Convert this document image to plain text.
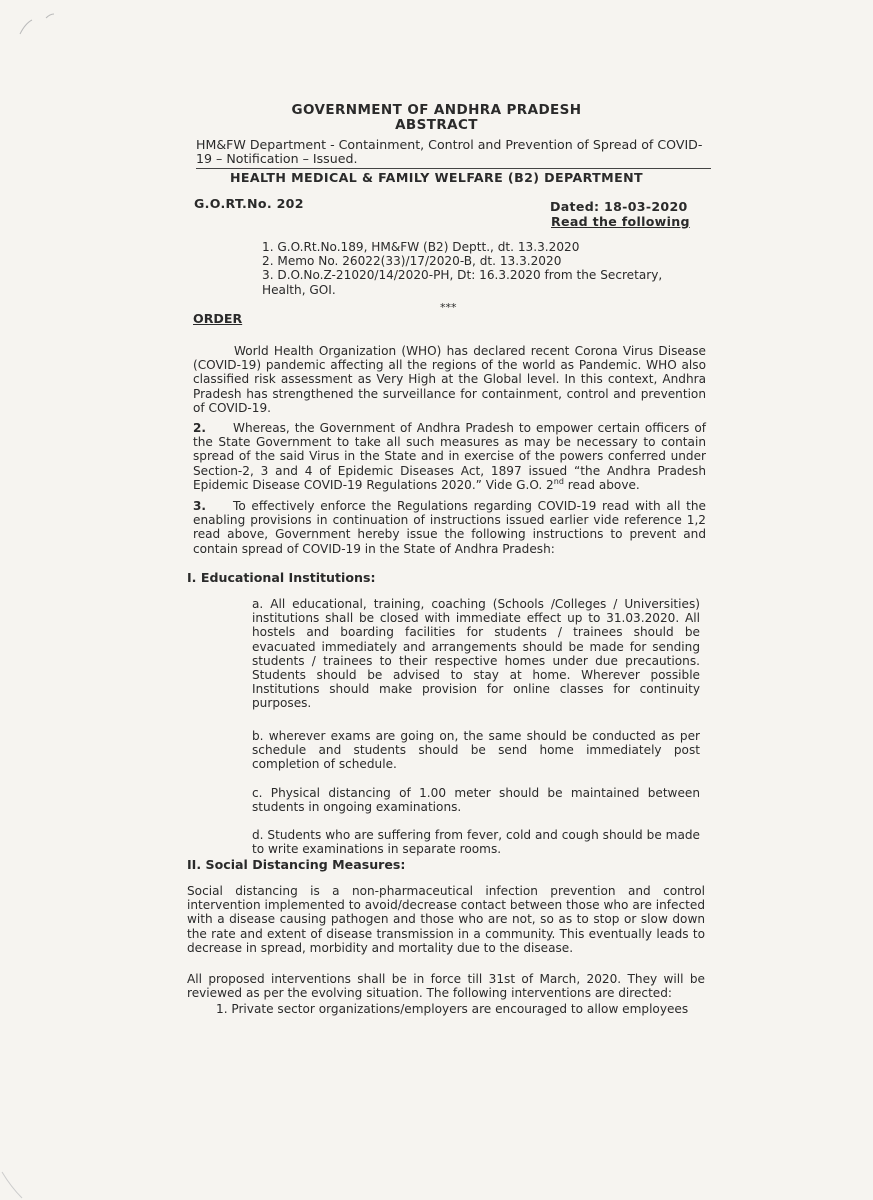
GOVERNMENT OF ANDHRA PRADESH

ABSTRACT

HM&FW Department - Containment, Control and Prevention of Spread of COVID-19 – Notification – Issued.

HEALTH MEDICAL & FAMILY WELFARE (B2) DEPARTMENT

G.O.RT.No. 202	Dated: 18-03-2020

Read the following

1. G.O.Rt.No.189, HM&FW (B2) Deptt., dt. 13.3.2020
2. Memo No. 26022(33)/17/2020-B, dt. 13.3.2020
3. D.O.No.Z-21020/14/2020-PH, Dt: 16.3.2020 from the Secretary, Health, GOI.

***

ORDER

World Health Organization (WHO) has declared recent Corona Virus Disease (COVID-19) pandemic affecting all the regions of the world as Pandemic. WHO also classified risk assessment as Very High at the Global level. In this context, Andhra Pradesh has strengthened the surveillance for containment, control and prevention of COVID-19.

2. Whereas, the Government of Andhra Pradesh to empower certain officers of the State Government to take all such measures as may be necessary to contain spread of the said Virus in the State and in exercise of the powers conferred under Section-2, 3 and 4 of Epidemic Diseases Act, 1897 issued “the Andhra Pradesh Epidemic Disease COVID-19 Regulations 2020.” Vide G.O. 2nd read above.

3. To effectively enforce the Regulations regarding COVID-19 read with all the enabling provisions in continuation of instructions issued earlier vide reference 1,2 read above, Government hereby issue the following instructions to prevent and contain spread of COVID-19 in the State of Andhra Pradesh:

I. Educational Institutions:

a. All educational, training, coaching (Schools /Colleges / Universities) institutions shall be closed with immediate effect up to 31.03.2020. All hostels and boarding facilities for students / trainees should be evacuated immediately and arrangements should be made for sending students / trainees to their respective homes under due precautions. Students should be advised to stay at home. Wherever possible Institutions should make provision for online classes for continuity purposes.

b. wherever exams are going on, the same should be conducted as per schedule and students should be send home immediately post completion of schedule.

c. Physical distancing of 1.00 meter should be maintained between students in ongoing examinations.

d. Students who are suffering from fever, cold and cough should be made to write examinations in separate rooms.

II. Social Distancing Measures:

Social distancing is a non-pharmaceutical infection prevention and control intervention implemented to avoid/decrease contact between those who are infected with a disease causing pathogen and those who are not, so as to stop or slow down the rate and extent of disease transmission in a community. This eventually leads to decrease in spread, morbidity and mortality due to the disease.

All proposed interventions shall be in force till 31st of March, 2020. They will be reviewed as per the evolving situation. The following interventions are directed:

1. Private sector organizations/employers are encouraged to allow employees
